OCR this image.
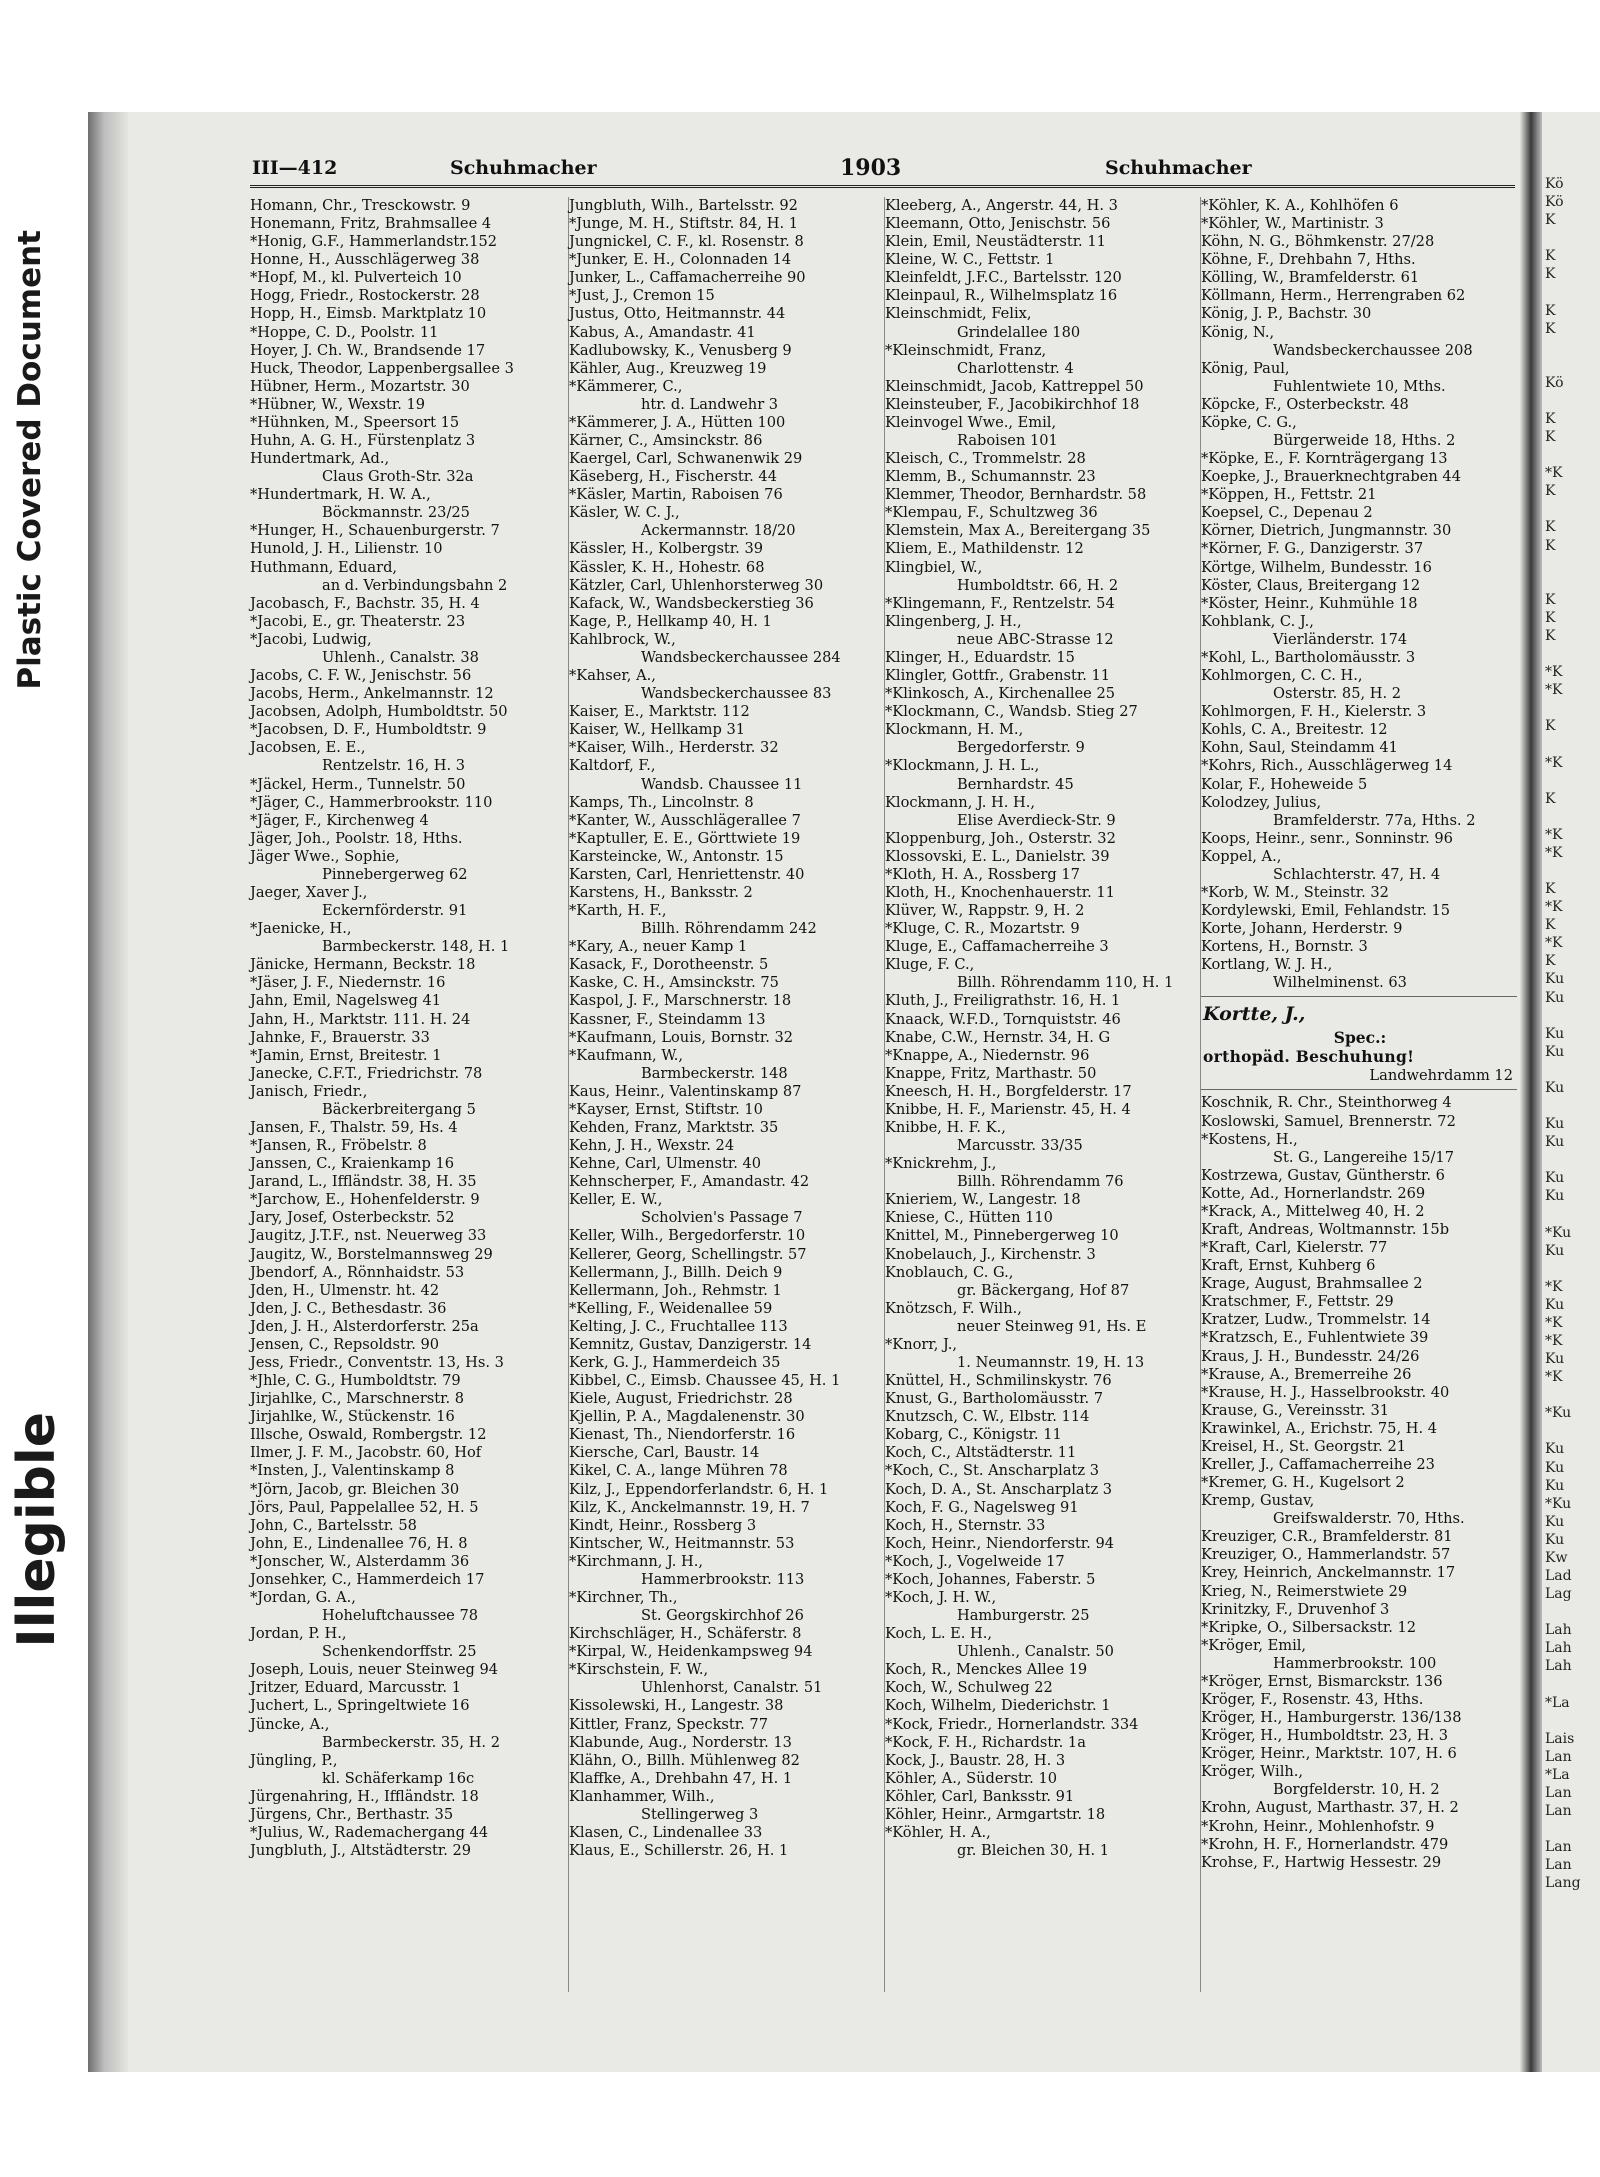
Plastic Covered Document
Illegible
III—412	Schuhmacher	1903	Schuhmacher
Homann, Chr., Tresckowstr. 9
Honemann, Fritz, Brahmsallee 4
*Honig, G.F., Hammerlandstr.152
Honne, H., Ausschlägerweg 38
*Hopf, M., kl. Pulverteich 10
Hogg, Friedr., Rostockerstr. 28
Hopp, H., Eimsb. Marktplatz 10
*Hoppe, C. D., Poolstr. 11
Hoyer, J. Ch. W., Brandsende 17
Huck, Theodor, Lappenbergsallee 3
Hübner, Herm., Mozartstr. 30
*Hübner, W., Wexstr. 19
*Hühnken, M., Speersort 15
Huhn, A. G. H., Fürstenplatz 3
Hundertmark, Ad.,
Claus Groth-Str. 32a
*Hundertmark, H. W. A.,
Böckmannstr. 23/25
*Hunger, H., Schauenburgerstr. 7
Hunold, J. H., Lilienstr. 10
Huthmann, Eduard,
an d. Verbindungsbahn 2
Jacobasch, F., Bachstr. 35, H. 4
*Jacobi, E., gr. Theaterstr. 23
*Jacobi, Ludwig,
Uhlenh., Canalstr. 38
Jacobs, C. F. W., Jenischstr. 56
Jacobs, Herm., Ankelmannstr. 12
Jacobsen, Adolph, Humboldtstr. 50
*Jacobsen, D. F., Humboldtstr. 9
Jacobsen, E. E.,
Rentzelstr. 16, H. 3
*Jäckel, Herm., Tunnelstr. 50
*Jäger, C., Hammerbrookstr. 110
*Jäger, F., Kirchenweg 4
Jäger, Joh., Poolstr. 18, Hths.
Jäger Wwe., Sophie,
Pinnebergerweg 62
Jaeger, Xaver J.,
Eckernförderstr. 91
*Jaenicke, H.,
Barmbeckerstr. 148, H. 1
Jänicke, Hermann, Beckstr. 18
*Jäser, J. F., Niedernstr. 16
Jahn, Emil, Nagelsweg 41
Jahn, H., Marktstr. 111. H. 24
Jahnke, F., Brauerstr. 33
*Jamin, Ernst, Breitestr. 1
Janecke, C.F.T., Friedrichstr. 78
Janisch, Friedr.,
Bäckerbreitergang 5
Jansen, F., Thalstr. 59, Hs. 4
*Jansen, R., Fröbelstr. 8
Janssen, C., Kraienkamp 16
Jarand, L., Iffländstr. 38, H. 35
*Jarchow, E., Hohenfelderstr. 9
Jary, Josef, Osterbeckstr. 52
Jaugitz, J.T.F., nst. Neuerweg 33
Jaugitz, W., Borstelmannsweg 29
Jbendorf, A., Rönnhaidstr. 53
Jden, H., Ulmenstr. ht. 42
Jden, J. C., Bethesdastr. 36
Jden, J. H., Alsterdorferstr. 25a
Jensen, C., Repsoldstr. 90
Jess, Friedr., Conventstr. 13, Hs. 3
*Jhle, C. G., Humboldtstr. 79
Jirjahlke, C., Marschnerstr. 8
Jirjahlke, W., Stückenstr. 16
Illsche, Oswald, Rombergstr. 12
Ilmer, J. F. M., Jacobstr. 60, Hof
*Insten, J., Valentinskamp 8
*Jörn, Jacob, gr. Bleichen 30
Jörs, Paul, Pappelallee 52, H. 5
John, C., Bartelsstr. 58
John, E., Lindenallee 76, H. 8
*Jonscher, W., Alsterdamm 36
Jonsehker, C., Hammerdeich 17
*Jordan, G. A.,
Hoheluftchaussee 78
Jordan, P. H.,
Schenkendorffstr. 25
Joseph, Louis, neuer Steinweg 94
Jritzer, Eduard, Marcusstr. 1
Juchert, L., Springeltwiete 16
Jüncke, A.,
Barmbeckerstr. 35, H. 2
Jüngling, P.,
kl. Schäferkamp 16c
Jürgenahring, H., Iffländstr. 18
Jürgens, Chr., Berthastr. 35
*Julius, W., Rademachergang 44
Jungbluth, J., Altstädterstr. 29
Jungbluth, Wilh., Bartelsstr. 92
*Junge, M. H., Stiftstr. 84, H. 1
Jungnickel, C. F., kl. Rosenstr. 8
*Junker, E. H., Colonnaden 14
Junker, L., Caffamacherreihe 90
*Just, J., Cremon 15
Justus, Otto, Heitmannstr. 44
Kabus, A., Amandastr. 41
Kadlubowsky, K., Venusberg 9
Kähler, Aug., Kreuzweg 19
*Kämmerer, C.,
htr. d. Landwehr 3
*Kämmerer, J. A., Hütten 100
Kärner, C., Amsinckstr. 86
Kaergel, Carl, Schwanenwik 29
Käseberg, H., Fischerstr. 44
*Käsler, Martin, Raboisen 76
Käsler, W. C. J.,
Ackermannstr. 18/20
Kässler, H., Kolbergstr. 39
Kässler, K. H., Hohestr. 68
Kätzler, Carl, Uhlenhorsterweg 30
Kafack, W., Wandsbeckerstieg 36
Kage, P., Hellkamp 40, H. 1
Kahlbrock, W.,
Wandsbeckerchaussee 284
*Kahser, A.,
Wandsbeckerchaussee 83
Kaiser, E., Marktstr. 112
Kaiser, W., Hellkamp 31
*Kaiser, Wilh., Herderstr. 32
Kaltdorf, F.,
Wandsb. Chaussee 11
Kamps, Th., Lincolnstr. 8
*Kanter, W., Ausschlägerallee 7
*Kaptuller, E. E., Görttwiete 19
Karsteincke, W., Antonstr. 15
Karsten, Carl, Henriettenstr. 40
Karstens, H., Banksstr. 2
*Karth, H. F.,
Billh. Röhrendamm 242
*Kary, A., neuer Kamp 1
Kasack, F., Dorotheenstr. 5
Kaske, C. H., Amsinckstr. 75
Kaspol, J. F., Marschnerstr. 18
Kassner, F., Steindamm 13
*Kaufmann, Louis, Bornstr. 32
*Kaufmann, W.,
Barmbeckerstr. 148
Kaus, Heinr., Valentinskamp 87
*Kayser, Ernst, Stiftstr. 10
Kehden, Franz, Marktstr. 35
Kehn, J. H., Wexstr. 24
Kehne, Carl, Ulmenstr. 40
Kehnscherper, F., Amandastr. 42
Keller, E. W.,
Scholvien's Passage 7
Keller, Wilh., Bergedorferstr. 10
Kellerer, Georg, Schellingstr. 57
Kellermann, J., Billh. Deich 9
Kellermann, Joh., Rehmstr. 1
*Kelling, F., Weidenallee 59
Kelting, J. C., Fruchtallee 113
Kemnitz, Gustav, Danzigerstr. 14
Kerk, G. J., Hammerdeich 35
Kibbel, C., Eimsb. Chaussee 45, H. 1
Kiele, August, Friedrichstr. 28
Kjellin, P. A., Magdalenenstr. 30
Kienast, Th., Niendorferstr. 16
Kiersche, Carl, Baustr. 14
Kikel, C. A., lange Mühren 78
Kilz, J., Eppendorferlandstr. 6, H. 1
Kilz, K., Anckelmannstr. 19, H. 7
Kindt, Heinr., Rossberg 3
Kintscher, W., Heitmannstr. 53
*Kirchmann, J. H.,
Hammerbrookstr. 113
*Kirchner, Th.,
St. Georgskirchhof 26
Kirchschläger, H., Schäferstr. 8
*Kirpal, W., Heidenkampsweg 94
*Kirschstein, F. W.,
Uhlenhorst, Canalstr. 51
Kissolewski, H., Langestr. 38
Kittler, Franz, Speckstr. 77
Klabunde, Aug., Norderstr. 13
Klähn, O., Billh. Mühlenweg 82
Klaffke, A., Drehbahn 47, H. 1
Klanhammer, Wilh.,
Stellingerweg 3
Klasen, C., Lindenallee 33
Klaus, E., Schillerstr. 26, H. 1
Kleeberg, A., Angerstr. 44, H. 3
Kleemann, Otto, Jenischstr. 56
Klein, Emil, Neustädterstr. 11
Kleine, W. C., Fettstr. 1
Kleinfeldt, J.F.C., Bartelsstr. 120
Kleinpaul, R., Wilhelmsplatz 16
Kleinschmidt, Felix,
Grindelallee 180
*Kleinschmidt, Franz,
Charlottenstr. 4
Kleinschmidt, Jacob, Kattreppel 50
Kleinsteuber, F., Jacobikirchhof 18
Kleinvogel Wwe., Emil,
Raboisen 101
Kleisch, C., Trommelstr. 28
Klemm, B., Schumannstr. 23
Klemmer, Theodor, Bernhardstr. 58
*Klempau, F., Schultzweg 36
Klemstein, Max A., Bereitergang 35
Kliem, E., Mathildenstr. 12
Klingbiel, W.,
Humboldtstr. 66, H. 2
*Klingemann, F., Rentzelstr. 54
Klingenberg, J. H.,
neue ABC-Strasse 12
Klinger, H., Eduardstr. 15
Klingler, Gottfr., Grabenstr. 11
*Klinkosch, A., Kirchenallee 25
*Klockmann, C., Wandsb. Stieg 27
Klockmann, H. M.,
Bergedorferstr. 9
*Klockmann, J. H. L.,
Bernhardstr. 45
Klockmann, J. H. H.,
Elise Averdieck-Str. 9
Kloppenburg, Joh., Osterstr. 32
Klossovski, E. L., Danielstr. 39
*Kloth, H. A., Rossberg 17
Kloth, H., Knochenhauerstr. 11
Klüver, W., Rappstr. 9, H. 2
*Kluge, C. R., Mozartstr. 9
Kluge, E., Caffamacherreihe 3
Kluge, F. C.,
Billh. Röhrendamm 110, H. 1
Kluth, J., Freiligrathstr. 16, H. 1
Knaack, W.F.D., Tornquiststr. 46
Knabe, C.W., Hernstr. 34, H. G
*Knappe, A., Niedernstr. 96
Knappe, Fritz, Marthastr. 50
Kneesch, H. H., Borgfelderstr. 17
Knibbe, H. F., Marienstr. 45, H. 4
Knibbe, H. F. K.,
Marcusstr. 33/35
*Knickrehm, J.,
Billh. Röhrendamm 76
Knieriem, W., Langestr. 18
Kniese, C., Hütten 110
Knittel, M., Pinnebergerweg 10
Knobelauch, J., Kirchenstr. 3
Knoblauch, C. G.,
gr. Bäckergang, Hof 87
Knötzsch, F. Wilh.,
neuer Steinweg 91, Hs. E
*Knorr, J.,
1. Neumannstr. 19, H. 13
Knüttel, H., Schmilinskystr. 76
Knust, G., Bartholomäusstr. 7
Knutzsch, C. W., Elbstr. 114
Kobarg, C., Königstr. 11
Koch, C., Altstädterstr. 11
*Koch, C., St. Anscharplatz 3
Koch, D. A., St. Anscharplatz 3
Koch, F. G., Nagelsweg 91
Koch, H., Sternstr. 33
Koch, Heinr., Niendorferstr. 94
*Koch, J., Vogelweide 17
*Koch, Johannes, Faberstr. 5
*Koch, J. H. W.,
Hamburgerstr. 25
Koch, L. E. H.,
Uhlenh., Canalstr. 50
Koch, R., Menckes Allee 19
Koch, W., Schulweg 22
Koch, Wilhelm, Diederichstr. 1
*Kock, Friedr., Hornerlandstr. 334
*Kock, F. H., Richardstr. 1a
Kock, J., Baustr. 28, H. 3
Köhler, A., Süderstr. 10
Köhler, Carl, Banksstr. 91
Köhler, Heinr., Armgartstr. 18
*Köhler, H. A.,
gr. Bleichen 30, H. 1
*Köhler, K. A., Kohlhöfen 6
*Köhler, W., Martinistr. 3
Köhn, N. G., Böhmkenstr. 27/28
Köhne, F., Drehbahn 7, Hths.
Kölling, W., Bramfelderstr. 61
Köllmann, Herm., Herrengraben 62
König, J. P., Bachstr. 30
König, N.,
Wandsbeckerchaussee 208
König, Paul,
Fuhlentwiete 10, Mths.
Köpcke, F., Osterbeckstr. 48
Köpke, C. G.,
Bürgerweide 18, Hths. 2
*Köpke, E., F. Kornträgergang 13
Koepke, J., Brauerknechtgraben 44
*Köppen, H., Fettstr. 21
Koepsel, C., Depenau 2
Körner, Dietrich, Jungmannstr. 30
*Körner, F. G., Danzigerstr. 37
Körtge, Wilhelm, Bundesstr. 16
Köster, Claus, Breitergang 12
*Köster, Heinr., Kuhmühle 18
Kohblank, C. J.,
Vierländerstr. 174
*Kohl, L., Bartholomäusstr. 3
Kohlmorgen, C. C. H.,
Osterstr. 85, H. 2
Kohlmorgen, F. H., Kielerstr. 3
Kohls, C. A., Breitestr. 12
Kohn, Saul, Steindamm 41
*Kohrs, Rich., Ausschlägerweg 14
Kolar, F., Hoheweide 5
Kolodzey, Julius,
Bramfelderstr. 77a, Hths. 2
Koops, Heinr., senr., Sonninstr. 96
Koppel, A.,
Schlachterstr. 47, H. 4
*Korb, W. M., Steinstr. 32
Kordylewski, Emil, Fehlandstr. 15
Korte, Johann, Herderstr. 9
Kortens, H., Bornstr. 3
Kortlang, W. J. H.,
Wilhelminenst. 63
Kortte, J.,
Spec.:
orthopäd. Beschuhung!
Landwehrdamm 12
Koschnik, R. Chr., Steinthorweg 4
Koslowski, Samuel, Brennerstr. 72
*Kostens, H.,
St. G., Langereihe 15/17
Kostrzewa, Gustav, Güntherstr. 6
Kotte, Ad., Hornerlandstr. 269
*Krack, A., Mittelweg 40, H. 2
Kraft, Andreas, Woltmannstr. 15b
*Kraft, Carl, Kielerstr. 77
Kraft, Ernst, Kuhberg 6
Krage, August, Brahmsallee 2
Kratschmer, F., Fettstr. 29
Kratzer, Ludw., Trommelstr. 14
*Kratzsch, E., Fuhlentwiete 39
Kraus, J. H., Bundesstr. 24/26
*Krause, A., Bremerreihe 26
*Krause, H. J., Hasselbrookstr. 40
Krause, G., Vereinsstr. 31
Krawinkel, A., Erichstr. 75, H. 4
Kreisel, H., St. Georgstr. 21
Kreller, J., Caffamacherreihe 23
*Kremer, G. H., Kugelsort 2
Kremp, Gustav,
Greifswalderstr. 70, Hths.
Kreuziger, C.R., Bramfelderstr. 81
Kreuziger, O., Hammerlandstr. 57
Krey, Heinrich, Anckelmannstr. 17
Krieg, N., Reimerstwiete 29
Krinitzky, F., Druvenhof 3
*Kripke, O., Silbersackstr. 12
*Kröger, Emil,
Hammerbrookstr. 100
*Kröger, Ernst, Bismarckstr. 136
Kröger, F., Rosenstr. 43, Hths.
Kröger, H., Hamburgerstr. 136/138
Kröger, H., Humboldtstr. 23, H. 3
Kröger, Heinr., Marktstr. 107, H. 6
Kröger, Wilh.,
Borgfelderstr. 10, H. 2
Krohn, August, Marthastr. 37, H. 2
*Krohn, Heinr., Mohlenhofstr. 9
*Krohn, H. F., Hornerlandstr. 479
Krohse, F., Hartwig Hessestr. 29
Kö
Kö
K
K
K
K
K
Kö
K
K
*K
K
K
K
K
K
K
*K
*K
K
*K
K
*K
*K
K
*K
K
*K
K
Ku
Ku
Ku
Ku
Ku
Ku
Ku
Ku
Ku
*Ku
Ku
*K
Ku
*K
*K
Ku
*K
*Ku
Ku
Ku
Ku
*Ku
Ku
Ku
Kw
Lad
Lag
Lah
Lah
Lah
*La
Lais
Lan
*La
Lan
Lan
Lan
Lan
Lang
